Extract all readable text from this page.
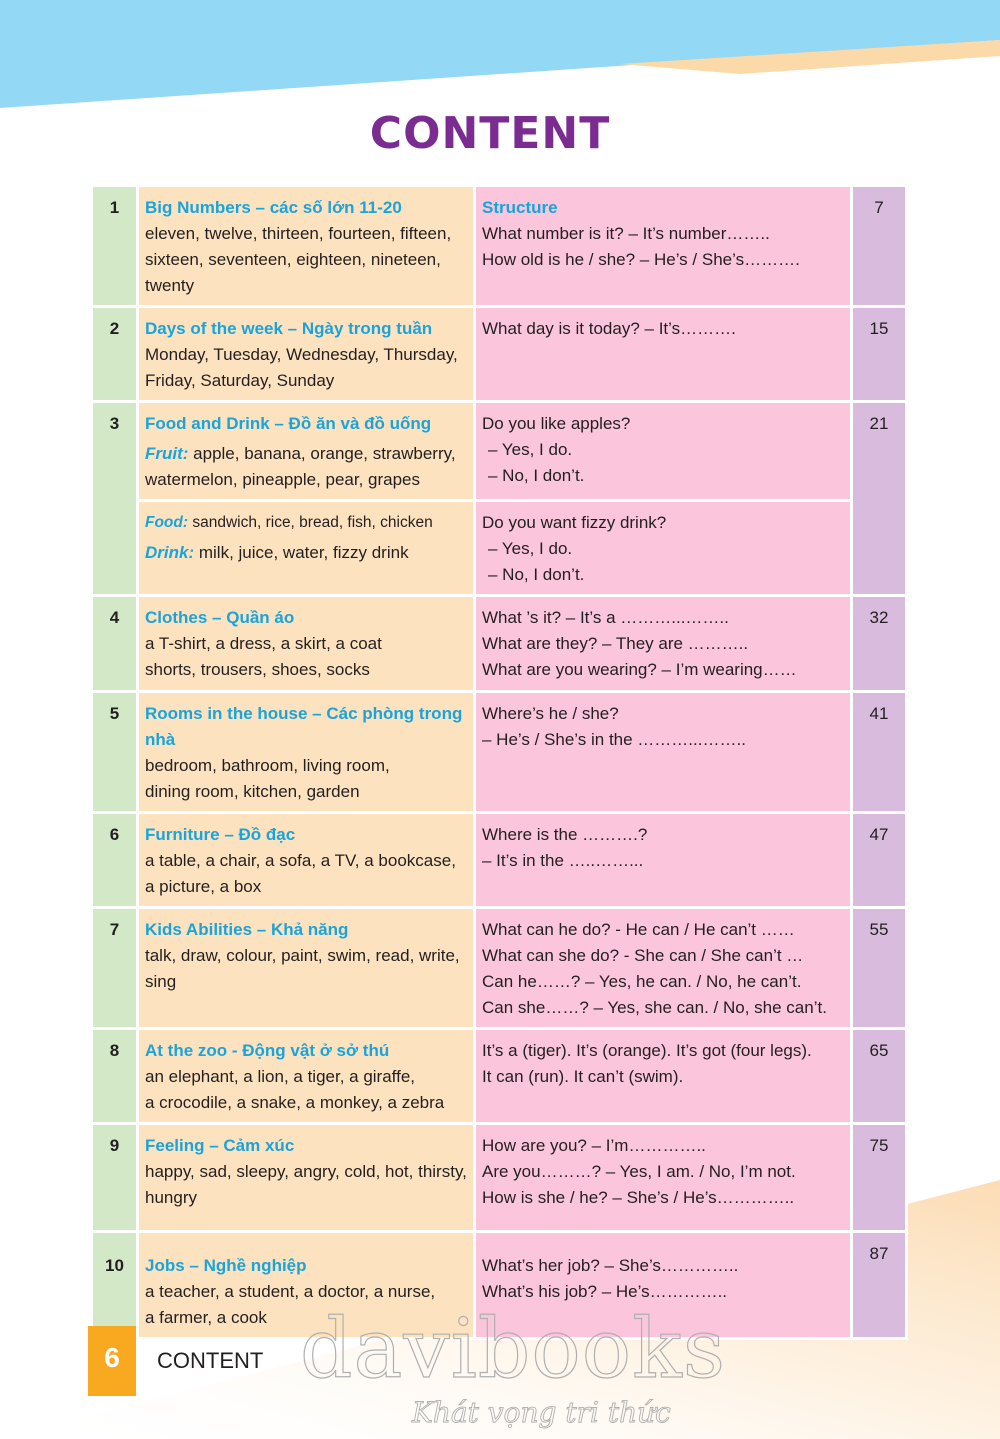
CONTENT
1	Big Numbers – các số lớn 11-20
eleven, twelve, thirteen, fourteen, fifteen, sixteen, seventeen, eighteen, nineteen, twenty	Structure
What number is it? – It’s number……..
How old is he / she? – He’s / She’s……….	7
2	Days of the week – Ngày trong tuần
Monday, Tuesday, Wednesday, Thursday, Friday, Saturday, Sunday	What day is it today? – It’s……….	15
3	Food and Drink – Đồ ăn và đồ uống
Fruit: apple, banana, orange, strawberry, watermelon, pineapple, pear, grapes	Do you like apples?
– Yes, I do.
– No, I don’t.	21

	Food: sandwich, rice, bread, fish, chicken
Drink: milk, juice, water, fizzy drink	Do you want fizzy drink?
– Yes, I do.
– No, I don’t.	

4	Clothes – Quần áo
a T-shirt, a dress, a skirt, a coat
shorts, trousers, shoes, socks	What ’s it? – It’s a ………...……..
What are they? – They are ………..
What are you wearing? – I’m wearing……	32
5	Rooms in the house – Các phòng trong nhà
bedroom, bathroom, living room,
dining room, kitchen, garden	Where’s he / she?
– He’s / She’s in the ………...……..	41
6	Furniture – Đồ đạc
a table, a chair, a sofa, a TV, a bookcase,
a picture, a box	Where is the ……….?
– It’s in the …..……...	47
7	Kids Abilities – Khả năng
talk, draw, colour, paint, swim, read, write, sing	What can he do? - He can / He can’t ……
What can she do? - She can / She can’t …
Can he……? – Yes, he can. / No, he can’t.
Can she……? – Yes, she can. / No, she can’t.	55
8	At the zoo - Động vật ở sở thú
an elephant, a lion, a tiger, a giraffe,
a crocodile, a snake, a monkey, a zebra	It’s a (tiger). It’s (orange). It’s got (four legs).
It can (run). It can’t (swim).	65
9	Feeling – Cảm xúc
happy, sad, sleepy, angry, cold, hot, thirsty, hungry	How are you? – I’m…………..
Are you………? – Yes, I am. / No, I’m not.
How is she / he? – She’s / He’s…………..	75
10	Jobs – Nghề nghiệp
a teacher, a student, a doctor, a nurse,
a farmer, a cook	What’s her job? – She’s…………..
What’s his job? – He’s…………..	87
6	CONTENT davibooks
Khát vọng tri thức
